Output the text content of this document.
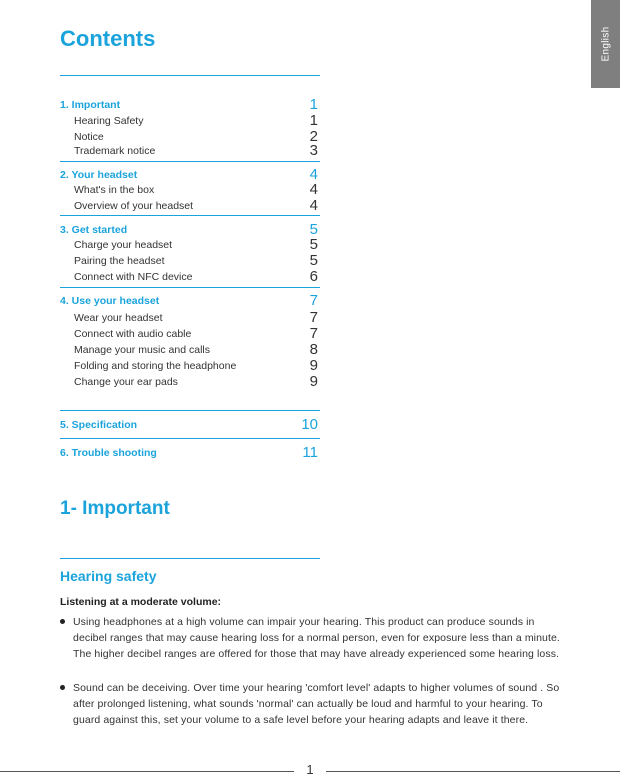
English
Contents
1. Important	1
Hearing Safety	1
Notice	2
Trademark notice	3
2. Your headset	4
What's in the box	4
Overview of your headset	4
3. Get started	5
Charge your headset	5
Pairing the headset	5
Connect with NFC device	6
4. Use your headset	7
Wear your headset	7
Connect with audio cable	7
Manage your music and calls	8
Folding and storing the headphone	9
Change your ear pads	9
5. Specification	10
6. Trouble shooting	11
1- Important
Hearing safety
Listening at a moderate volume:

Using headphones at a high volume can impair your hearing. This product can produce sounds in decibel ranges that may cause hearing loss for a normal person, even for exposure less than a minute. The higher decibel ranges are offered for those that may have already experienced some hearing loss.

Sound can be deceiving. Over time your hearing 'comfort level' adapts to higher volumes of sound . So after prolonged listening, what sounds 'normal' can actually be loud and harmful to your hearing. To guard against this, set your volume to a safe level before your hearing adapts and leave it there.

1
